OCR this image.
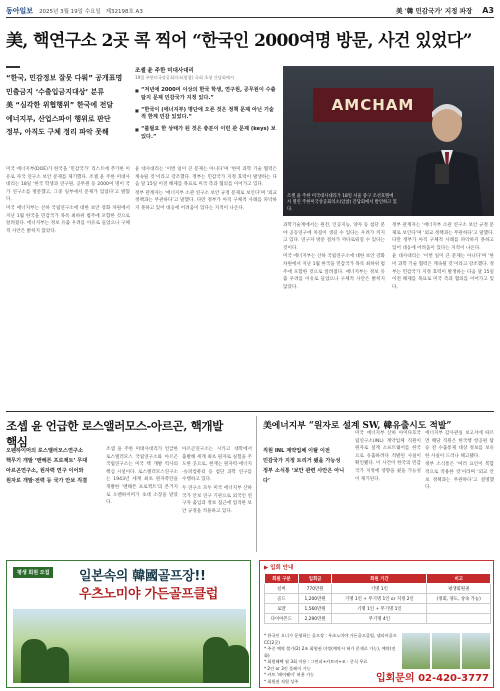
동아일보 2025년 3월 19일 수요일 제32198호 A3	美 '韓 민감국가' 지정 파장 A3
美, 핵연구소 2곳 콕 찍어 “한국인 2000여명 방문, 사건 있었다”
“한국, 민감정보 잘못 다뤄” 공개표명
민출금지 ‘수출입금지대상’ 분류
美 “심각한 위협행위” 한국에 전달
에너지부, 산업스파이 행위로 판단
정부, 아직도 구체 정리 파악 못해
조셸 윤 주한 미대사대리
19일 주한미국상공회의소(암참) 국회 초청 간담회에서
■ “저년에 2000여 이상의 한국 학생, 연구원, 공무원이 수출 탐지 문제 민감국가 지정 있다.”
■ “한국이 (에너지부) 명단에 오른 것은 정책 문제 아닌 기술적 한계 민감 있었다.”
■ “불필요 한 상태가 된 것은 충분이 이런 관 문제 (keys) 보 있다.”
AMCHAM
조셸 윤 주한 미국대사대리가 18일 서울 중구 조선호텔에서 열린 주한미국상공회의소(암참) 간담회에서 발언하고 있다.

미국 에너지부(DOE)가 한국을 ‘민감국가’ 리스트에 추가한 이유로 자국 연구소 보안 문제를 제기했다. 조셸 윤 주한 미대사대리는 18일 ‘한국 학생과 연구원, 공무원 등 2000여 명이 국가 연구소를 방문했고, 그중 일부에서 문제가 있었다’고 밝혔다.

미국 에너지부는 산하 국립연구소에 대한 보안 강화 차원에서 지난 1월 한국을 민감국가 목록 최하위 범주에 포함한 것으로 알려졌다. 에너지부는 정보 유출 우려를 이유로 들었으나 구체적 사안은 밝히지 않았다.

윤 대사대리는 ‘이번 일이 큰 문제는 아니다’며 ‘한미 과학 기술 협력은 계속될 것’이라고 강조했다. 정부는 민감국가 지정 효력이 발생하는 다음 달 15일 이전 해제를 목표로 미국 측과 협의를 이어가고 있다.

정부 관계자는 ‘에너지부 소관 연구소 보안 규정 문제로 보인다’며 ‘외교 정책과는 무관하다’고 말했다. 다만 정부가 아직 구체적 사례를 파악하지 못하고 있어 대응에 어려움이 있다는 지적이 나온다.

과학기술계에서는 원전, 인공지능, 양자 등 첨단 분야 공동연구에 차질이 생길 수 있다는 우려가 커지고 있다. 연구자 방문 절차가 까다로워질 수 있다는 것이다.

미국 에너지부는 산하 국립연구소에 대한 보안 강화 차원에서 지난 1월 한국을 민감국가 목록 최하위 범주에 포함한 것으로 알려졌다. 에너지부는 정보 유출 우려를 이유로 들었으나 구체적 사안은 밝히지 않았다.

정부 관계자는 ‘에너지부 소관 연구소 보안 규정 문제로 보인다’며 ‘외교 정책과는 무관하다’고 말했다. 다만 정부가 아직 구체적 사례를 파악하지 못하고 있어 대응에 어려움이 있다는 지적이 나온다.

윤 대사대리는 ‘이번 일이 큰 문제는 아니다’며 ‘한미 과학 기술 협력은 계속될 것’이라고 강조했다. 정부는 민감국가 지정 효력이 발생하는 다음 달 15일 이전 해제를 목표로 미국 측과 협의를 이어가고 있다.

조셉 윤 언급한 로스앨러모스-아르곤, 핵개발 핵심
오펜하이머의 로스앨러모스연구소
핵무기 개발 ‘맨해튼 프로젝트’ 무대
아르곤연구소, 원자력 연구 이어와
원자로 개발·전력 등 국가 안보 직결

조셉 윤 주한 미대사대리가 언급한 로스앨러모스 국립연구소와 아르곤 국립연구소는 미국 핵 개발 역사의 핵심 시설이다. 로스앨러모스연구소는 1943년 세계 최초 원자폭탄을 개발한 ‘맨해튼 프로젝트’의 본거지로 오펜하이머가 초대 소장을 맡았다.

아르곤연구소는 시카고 대학에서 출발해 세계 최초 원자로 실험을 주도한 곳으로, 현재는 원자력·에너지·슈퍼컴퓨터 등 첨단 과학 연구를 수행하고 있다.

두 연구소 모두 미국 에너지부 산하 국가 안보 연구 기관으로 외국인 연구자 출입과 정보 접근에 엄격한 보안 규정을 적용하고 있다.

美에너지부 “원자로 설계 SW, 韓유출시도 적발”
직원 INL 계약업체 이탈 이전
민감국가 지정 트리거 됐을 가능성
정부 소식통 ‘보안 관련 사안은 아니다’

미국 에너지부 산하 아이다호국립연구소(INL) 계약업체 직원이 원자로 설계 소프트웨어를 한국으로 유출하려다 적발된 사실이 확인됐다. 이 사건이 한국의 민감국가 지정에 영향을 줬을 가능성이 제기된다.

에너지부 감사관실 보고서에 따르면 해당 직원은 한국행 항공편 탑승 전 수출통제 대상 정보를 보유한 사실이 드러나 해고됐다.

정부 소식통은 ‘여러 요인이 복합적으로 작용한 것’이라며 ‘외교 안보 정책과는 무관하다’고 설명했다.

평생 회원 모집	일본속의 韓國골프장!!
우츠노미야 가든골프클럽
▶ 입회 안내
회원 구분	입회금	회원 기간	비고
실버	770만원	기명 1인	평생회원권
골드	1,200만원	기명 1인 + 무기명 1인 or 지정 2인	(정회, 양도, 상속 가능)
로얄	1,560만원	기명 1인 + 무기명 1인	
다이아몬드	2,290만원	무기명 4인	
* 한국인 오너가 운영하는 골프장 : 우츠노미야 가든골프클럽, 넵티아골프CC(2곳)
* 주중 예약 불가(2) 2조 회원권 미정(예약시 허가 문제로 가능), 예약(전화)
* 회원혜택 월 3회 이용 : 그린피+카트비+조 : 중식 무료
* 2인 or 3인 플레이 가능
* 카트 '페어웨이' 허용 가능
* 회원권 직원 상주	입회문의 02-420-3777
